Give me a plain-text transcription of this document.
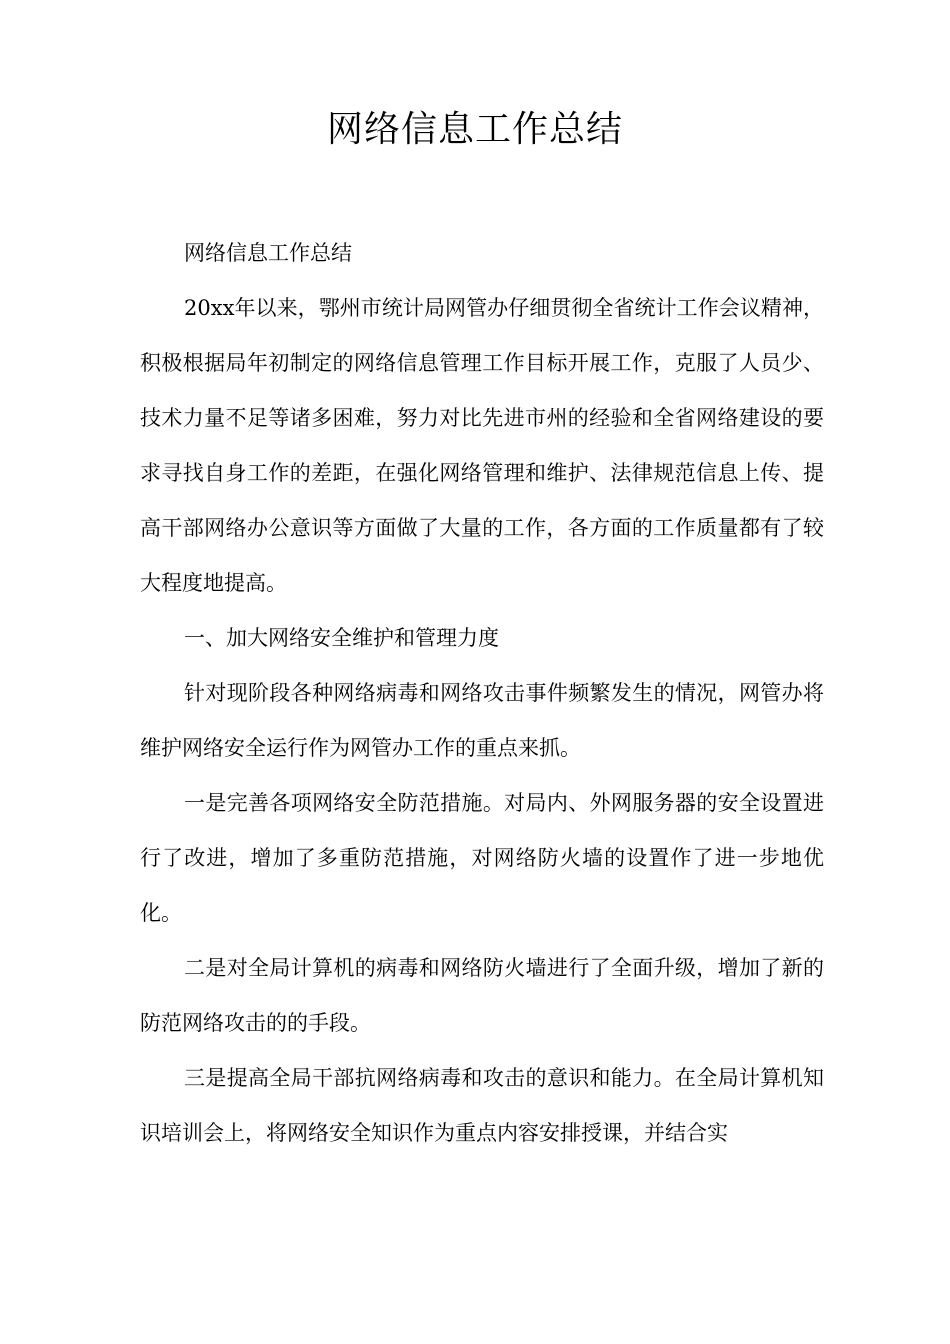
网络信息工作总结

网络信息工作总结

20xx年以来，鄂州市统计局网管办仔细贯彻全省统计工作会议精神，积极根据局年初制定的网络信息管理工作目标开展工作，克服了人员少、技术力量不足等诸多困难，努力对比先进市州的经验和全省网络建设的要求寻找自身工作的差距，在强化网络管理和维护、法律规范信息上传、提高干部网络办公意识等方面做了大量的工作，各方面的工作质量都有了较大程度地提高。

一、加大网络安全维护和管理力度

针对现阶段各种网络病毒和网络攻击事件频繁发生的情况，网管办将维护网络安全运行作为网管办工作的重点来抓。

一是完善各项网络安全防范措施。对局内、外网服务器的安全设置进行了改进，增加了多重防范措施，对网络防火墙的设置作了进一步地优化。

二是对全局计算机的病毒和网络防火墙进行了全面升级，增加了新的防范网络攻击的的手段。

三是提高全局干部抗网络病毒和攻击的意识和能力。在全局计算机知识培训会上，将网络安全知识作为重点内容安排授课，并结合实
